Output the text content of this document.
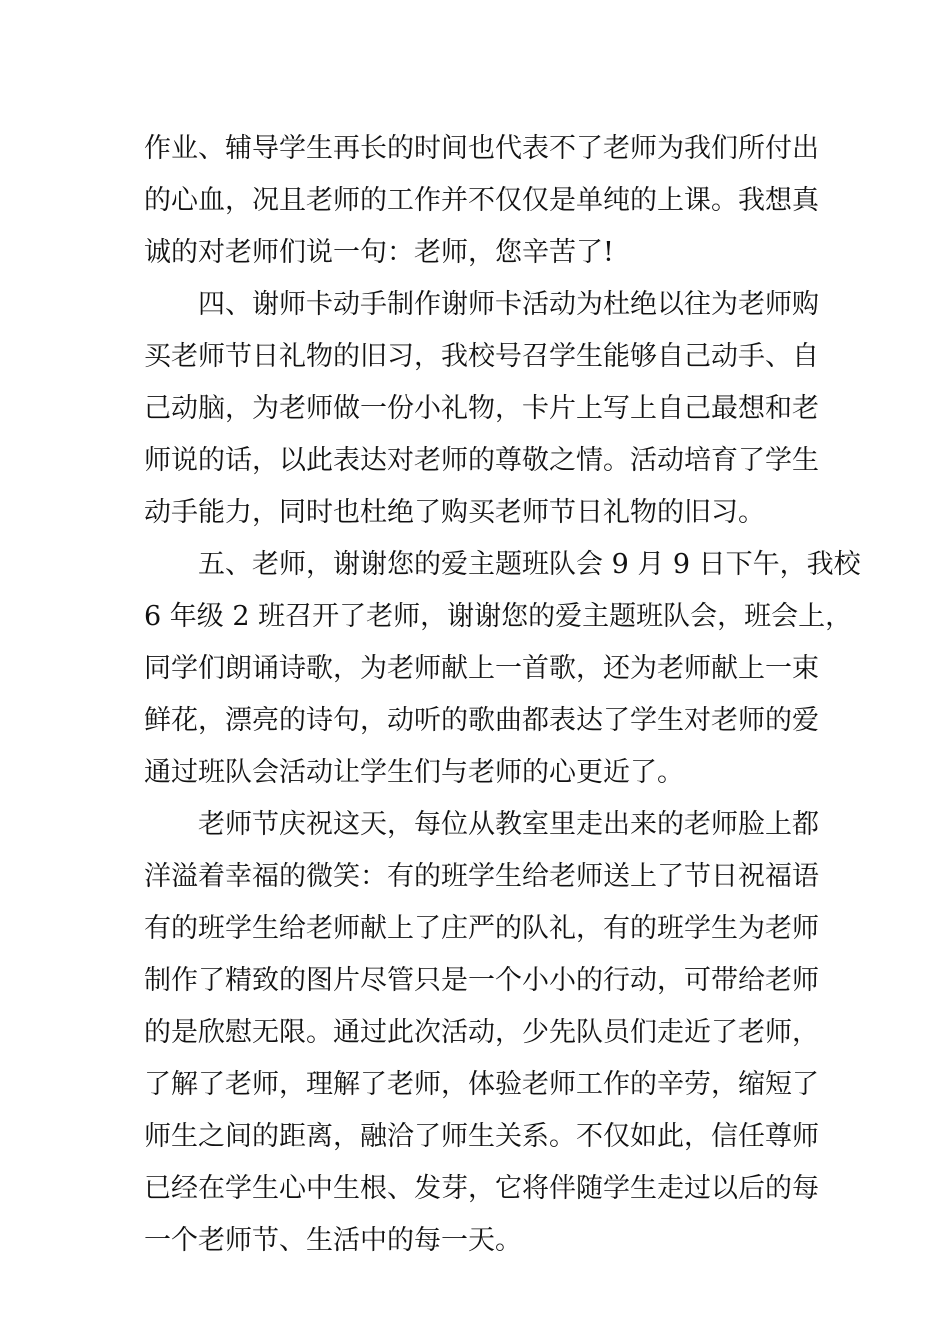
作业、辅导学生再长的时间也代表不了老师为我们所付出
的心血，况且老师的工作并不仅仅是单纯的上课。我想真
诚的对老师们说一句：老师，您辛苦了!
四、谢师卡动手制作谢师卡活动为杜绝以往为老师购
买老师节日礼物的旧习，我校号召学生能够自己动手、自
己动脑，为老师做一份小礼物，卡片上写上自己最想和老
师说的话，以此表达对老师的尊敬之情。活动培育了学生
动手能力，同时也杜绝了购买老师节日礼物的旧习。
五、老师，谢谢您的爱主题班队会 9 月 9 日下午，我校
6 年级 2 班召开了老师，谢谢您的爱主题班队会，班会上，
同学们朗诵诗歌，为老师献上一首歌，还为老师献上一束
鲜花，漂亮的诗句，动听的歌曲都表达了学生对老师的爱
通过班队会活动让学生们与老师的心更近了。
老师节庆祝这天，每位从教室里走出来的老师脸上都
洋溢着幸福的微笑：有的班学生给老师送上了节日祝福语
有的班学生给老师献上了庄严的队礼，有的班学生为老师
制作了精致的图片尽管只是一个小小的行动，可带给老师
的是欣慰无限。通过此次活动，少先队员们走近了老师，
了解了老师，理解了老师，体验老师工作的辛劳，缩短了
师生之间的距离，融洽了师生关系。不仅如此，信任尊师
已经在学生心中生根、发芽，它将伴随学生走过以后的每
一个老师节、生活中的每一天。
